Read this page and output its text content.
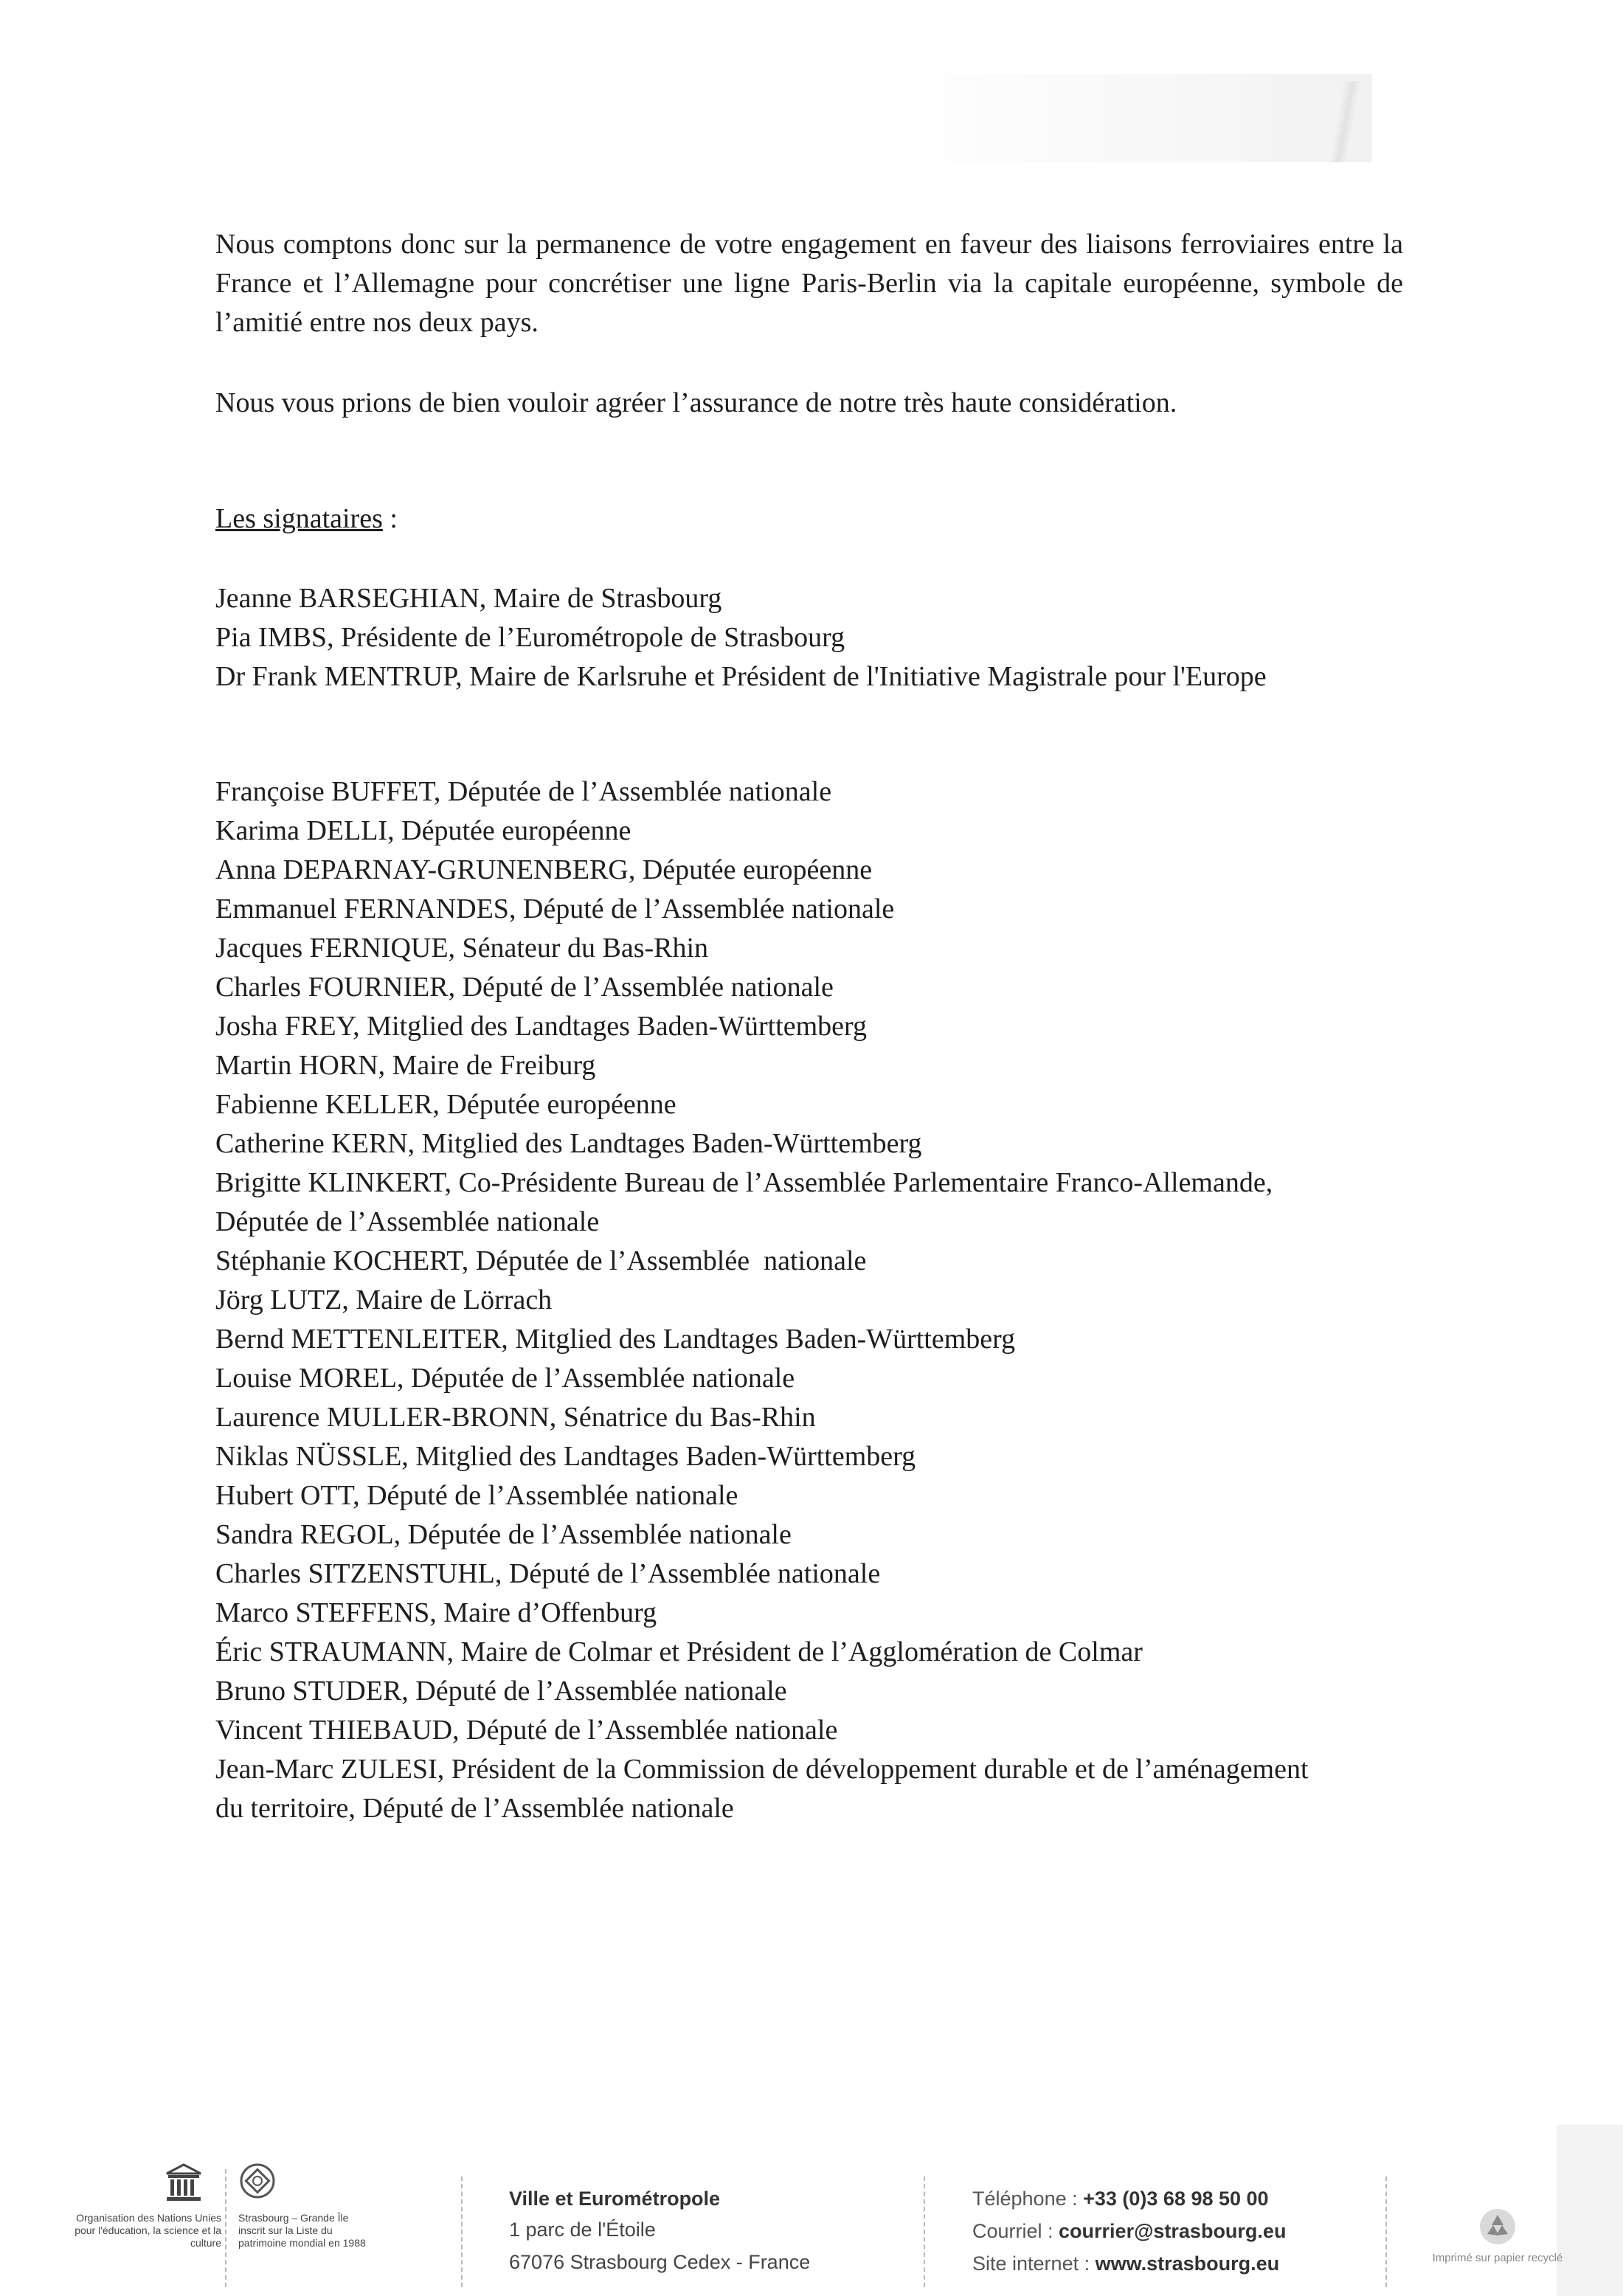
Nous comptons donc sur la permanence de votre engagement en faveur des liaisons ferroviaires entre la France et l’Allemagne pour concrétiser une ligne Paris-Berlin via la capitale européenne, symbole de l’amitié entre nos deux pays.

Nous vous prions de bien vouloir agréer l’assurance de notre très haute considération.

Les signataires :
Jeanne BARSEGHIAN, Maire de Strasbourg
Pia IMBS, Présidente de l’Eurométropole de Strasbourg
Dr Frank MENTRUP, Maire de Karlsruhe et Président de l'Initiative Magistrale pour l'Europe
Françoise BUFFET, Députée de l’Assemblée nationale
Karima DELLI, Députée européenne
Anna DEPARNAY-GRUNENBERG, Députée européenne
Emmanuel FERNANDES, Député de l’Assemblée nationale
Jacques FERNIQUE, Sénateur du Bas-Rhin
Charles FOURNIER, Député de l’Assemblée nationale
Josha FREY, Mitglied des Landtages Baden-Württemberg
Martin HORN, Maire de Freiburg
Fabienne KELLER, Députée européenne
Catherine KERN, Mitglied des Landtages Baden-Württemberg
Brigitte KLINKERT, Co-Présidente Bureau de l’Assemblée Parlementaire Franco-Allemande, Députée de l’Assemblée nationale
Stéphanie KOCHERT, Députée de l’Assemblée  nationale
Jörg LUTZ, Maire de Lörrach
Bernd METTENLEITER, Mitglied des Landtages Baden-Württemberg
Louise MOREL, Députée de l’Assemblée nationale
Laurence MULLER-BRONN, Sénatrice du Bas-Rhin
Niklas NÜSSLE, Mitglied des Landtages Baden-Württemberg
Hubert OTT, Député de l’Assemblée nationale
Sandra REGOL, Députée de l’Assemblée nationale
Charles SITZENSTUHL, Député de l’Assemblée nationale
Marco STEFFENS, Maire d’Offenburg
Éric STRAUMANN, Maire de Colmar et Président de l’Agglomération de Colmar
Bruno STUDER, Député de l’Assemblée nationale
Vincent THIEBAUD, Député de l’Assemblée nationale
Jean-Marc ZULESI, Président de la Commission de développement durable et de l’aménagement du territoire, Député de l’Assemblée nationale
Organisation des Nations Unies pour l'éducation, la science et la culture
Strasbourg – Grande Île inscrit sur la Liste du patrimoine mondial en 1988
Ville et Eurométropole
1 parc de l'Étoile
67076 Strasbourg Cedex - France
Téléphone : +33 (0)3 68 98 50 00
Courriel : courrier@strasbourg.eu
Site internet : www.strasbourg.eu	Imprimé sur papier recyclé
